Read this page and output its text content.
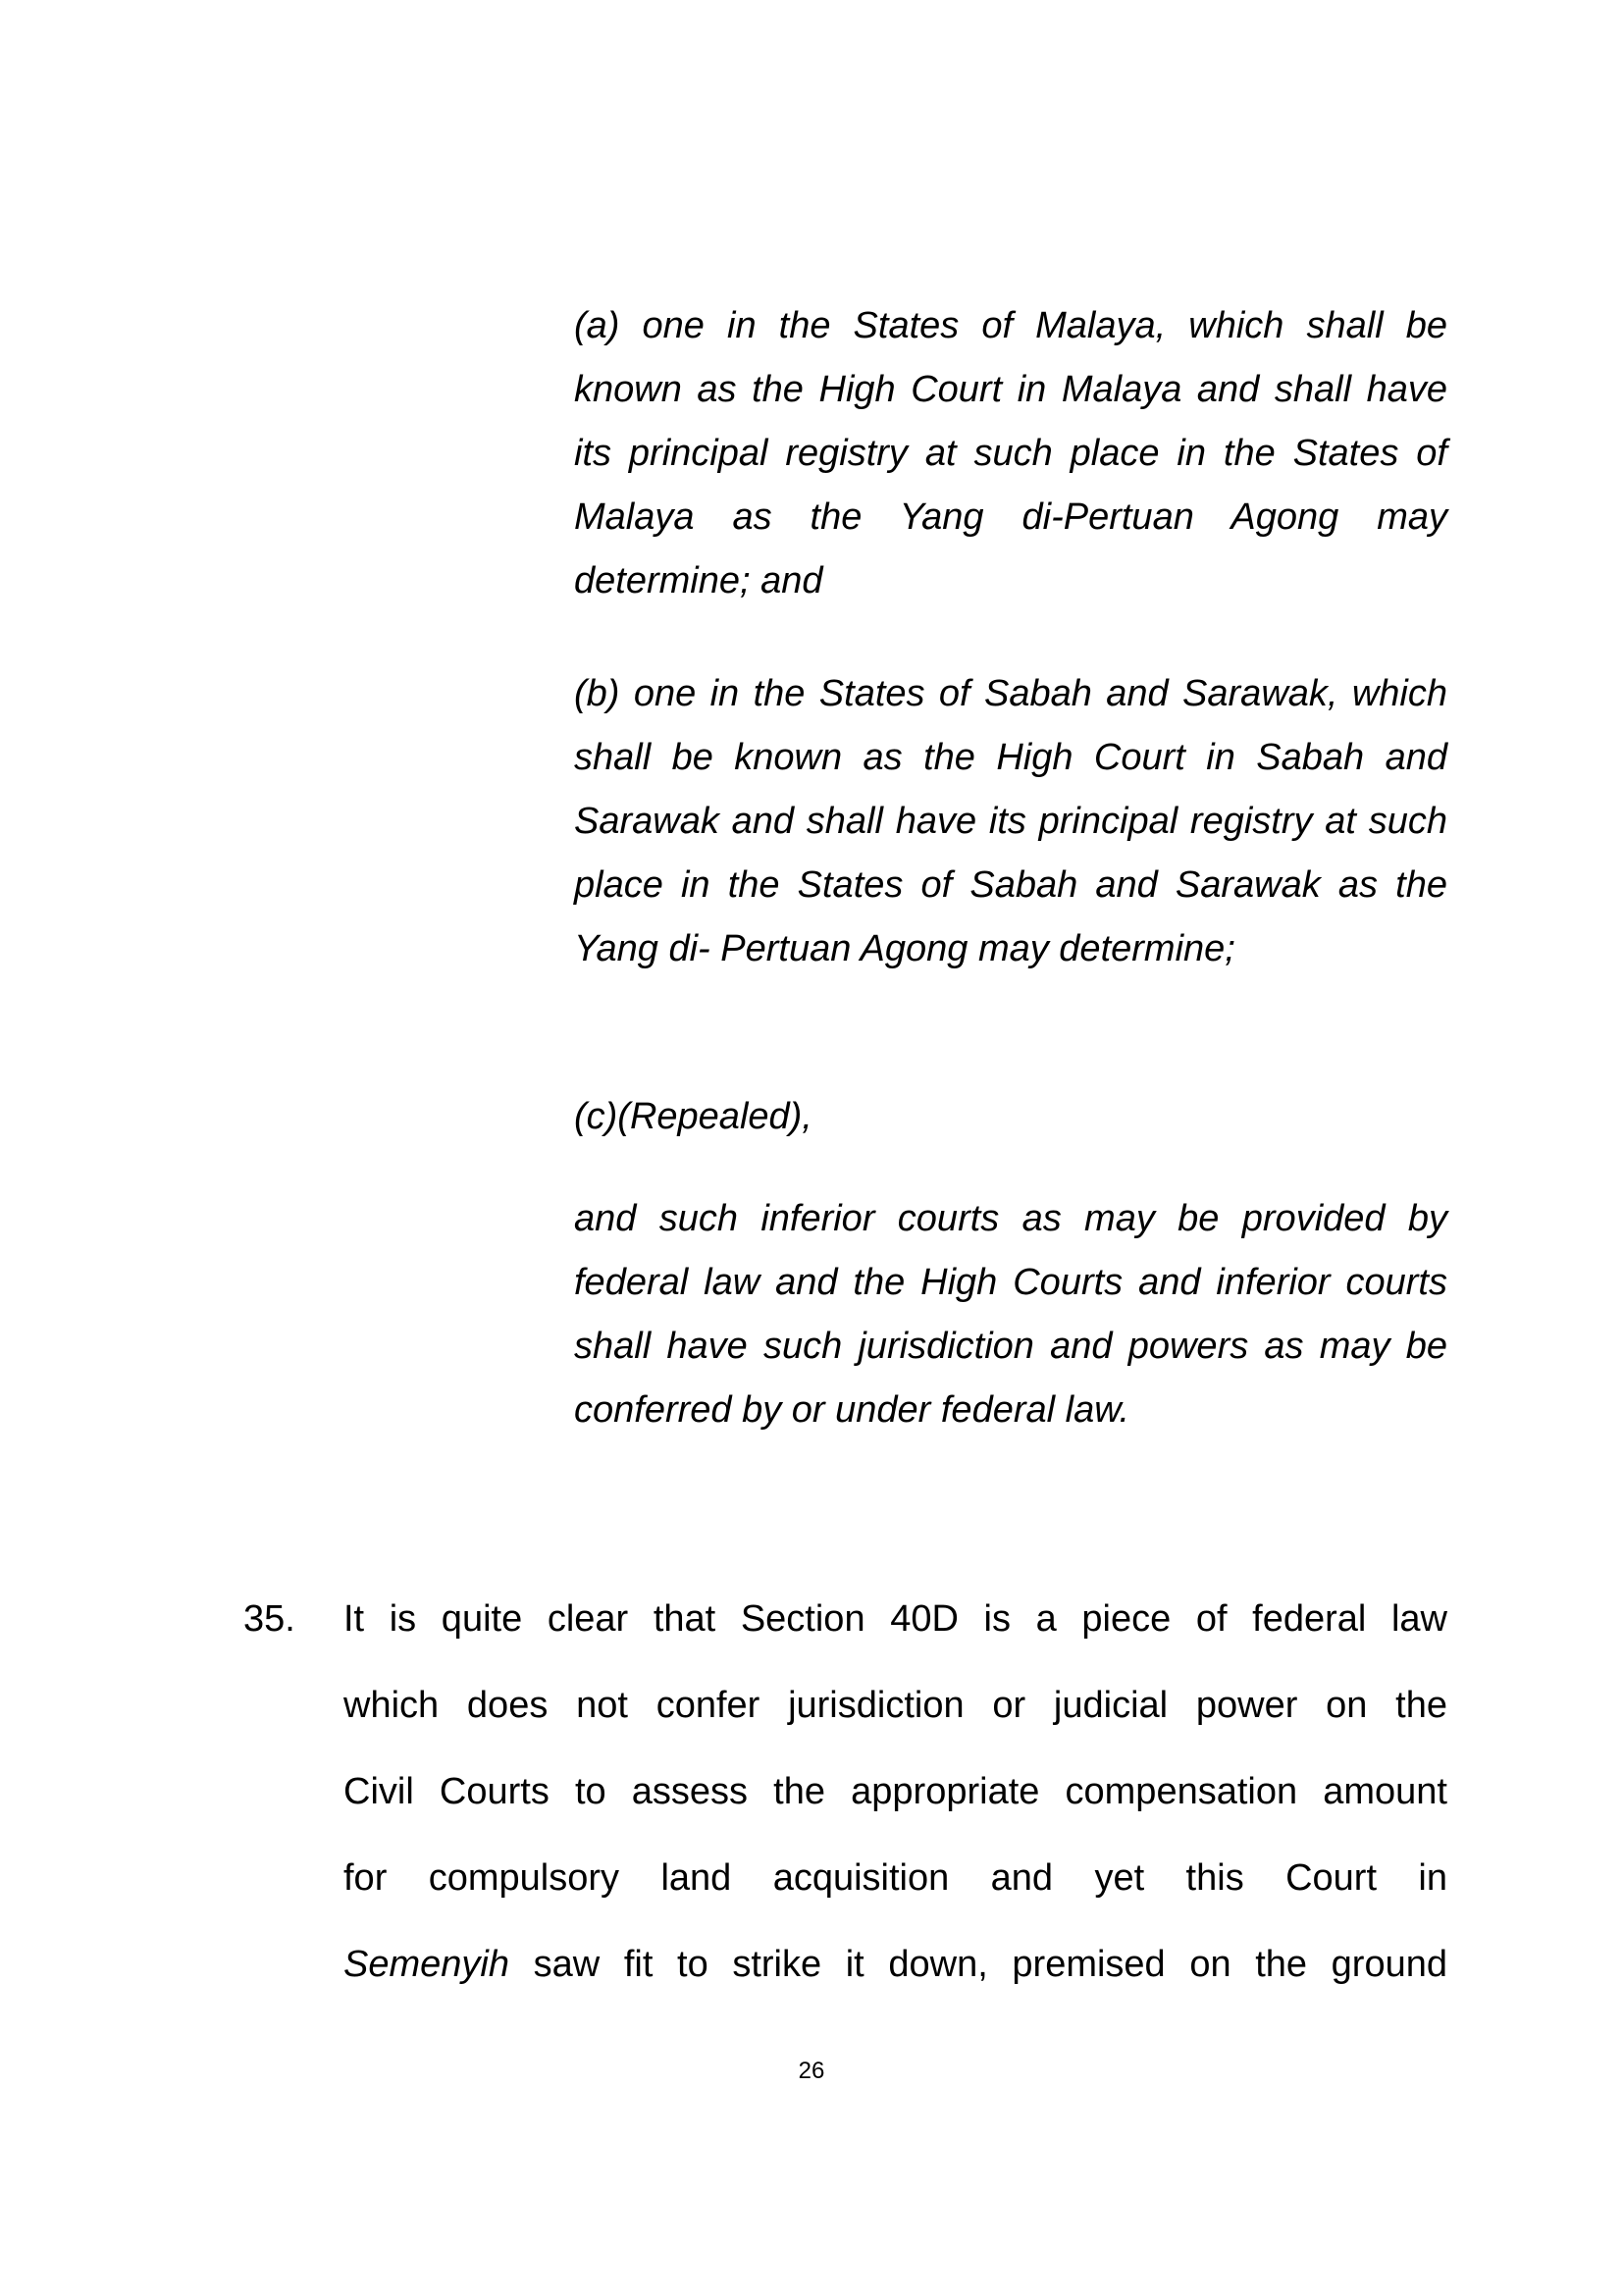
(a) one in the States of Malaya, which shall be known as the High Court in Malaya and shall have its principal registry at such place in the States of Malaya as the Yang di-Pertuan Agong may determine; and

(b) one in the States of Sabah and Sarawak, which shall be known as the High Court in Sabah and Sarawak and shall have its principal registry at such place in the States of Sabah and Sarawak as the Yang di- Pertuan Agong may determine;

(c)(Repealed),

and such inferior courts as may be provided by federal law and the High Courts and inferior courts shall have such jurisdiction and powers as may be conferred by or under federal law.

35. It is quite clear that Section 40D is a piece of federal law
which does not confer jurisdiction or judicial power on the
Civil Courts to assess the appropriate compensation amount
for compulsory land acquisition and yet this Court in
Semenyih saw fit to strike it down, premised on the ground
26
